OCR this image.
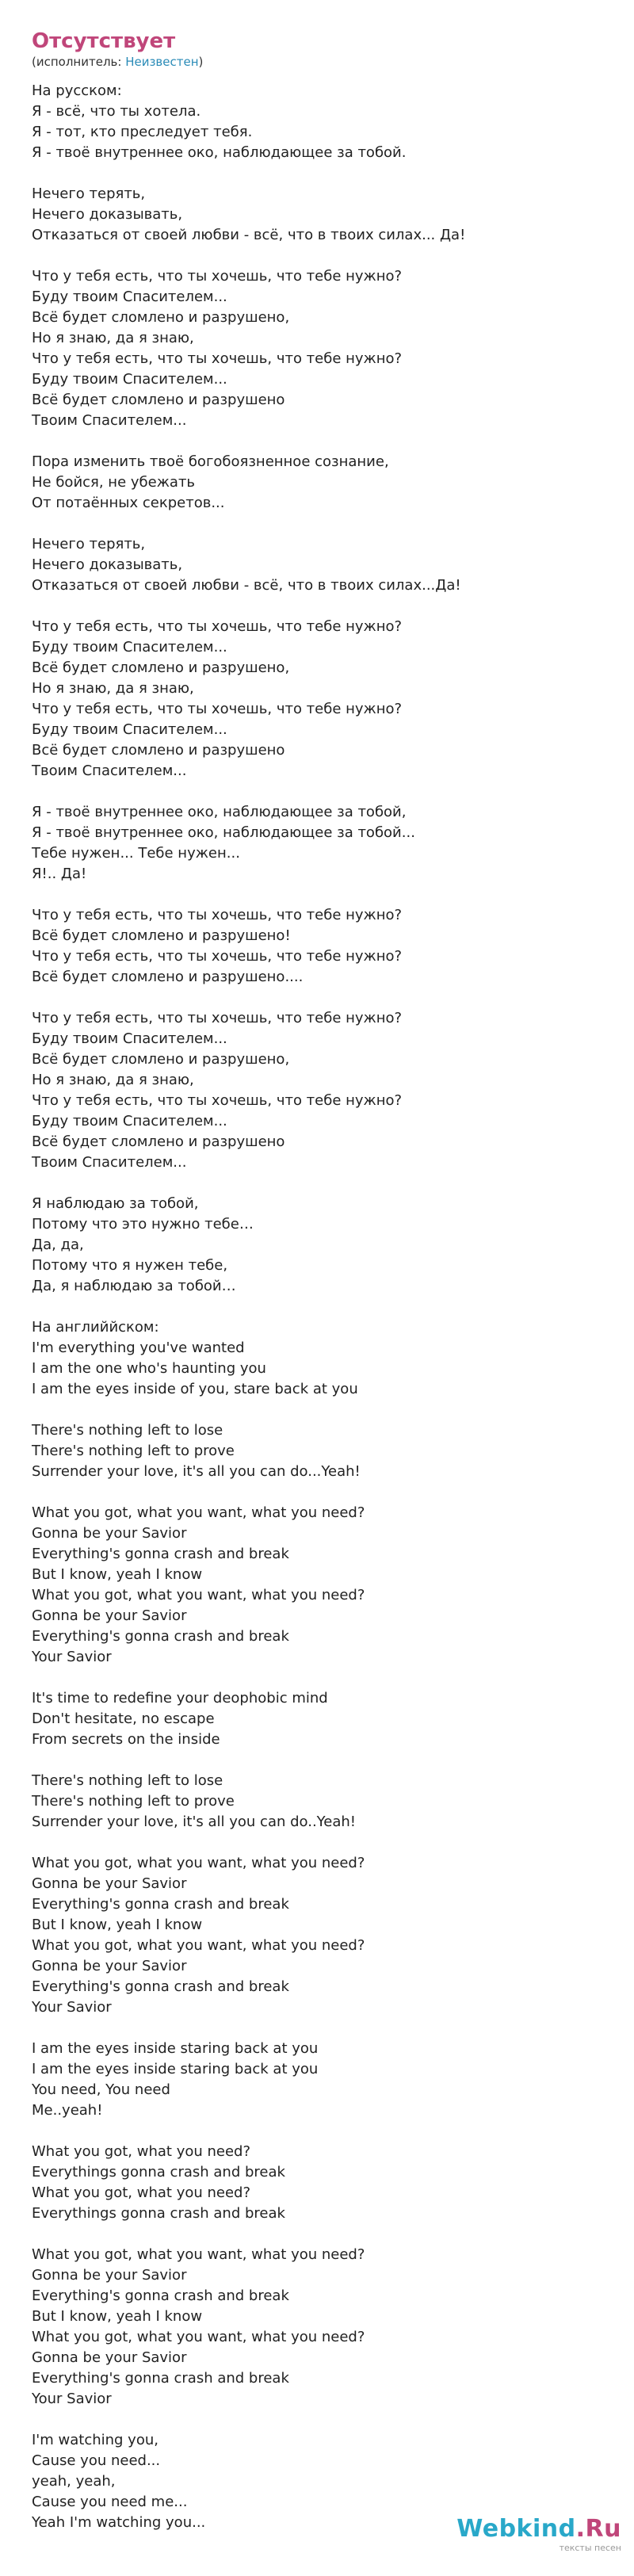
Отсутствует
(исполнитель: Неизвестен)
На русском:
Я - всё, что ты хотела.
Я - тот, кто преследует тебя.
Я - твоё внутреннее око, наблюдающее за тобой.
Нечего терять,
Нечего доказывать,
Отказаться от своей любви - всё, что в твоих силах... Да!
Что у тебя есть, что ты хочешь, что тебе нужно?
Буду твоим Спасителем...
Всё будет сломлено и разрушено,
Но я знаю, да я знаю,
Что у тебя есть, что ты хочешь, что тебе нужно?
Буду твоим Спасителем...
Всё будет сломлено и разрушено
Твоим Спасителем...
Пора изменить твоё богобоязненное сознание,
Не бойся, не убежать
От потаённых секретов...
Нечего терять,
Нечего доказывать,
Отказаться от своей любви - всё, что в твоих силах...Да!
Что у тебя есть, что ты хочешь, что тебе нужно?
Буду твоим Спасителем...
Всё будет сломлено и разрушено,
Но я знаю, да я знаю,
Что у тебя есть, что ты хочешь, что тебе нужно?
Буду твоим Спасителем...
Всё будет сломлено и разрушено
Твоим Спасителем...
Я - твоё внутреннее око, наблюдающее за тобой,
Я - твоё внутреннее око, наблюдающее за тобой...
Тебе нужен... Тебе нужен...
Я!.. Да!
Что у тебя есть, что ты хочешь, что тебе нужно?
Всё будет сломлено и разрушено!
Что у тебя есть, что ты хочешь, что тебе нужно?
Всё будет сломлено и разрушено....
Что у тебя есть, что ты хочешь, что тебе нужно?
Буду твоим Спасителем...
Всё будет сломлено и разрушено,
Но я знаю, да я знаю,
Что у тебя есть, что ты хочешь, что тебе нужно?
Буду твоим Спасителем...
Всё будет сломлено и разрушено
Твоим Спасителем...
Я наблюдаю за тобой,
Потому что это нужно тебе…
Да, да,
Потому что я нужен тебе,
Да, я наблюдаю за тобой…
На английйском:
I'm everything you've wanted
I am the one who's haunting you
I am the eyes inside of you, stare back at you
There's nothing left to lose
There's nothing left to prove
Surrender your love, it's all you can do...Yeah!
What you got, what you want, what you need?
Gonna be your Savior
Everything's gonna crash and break
But I know, yeah I know
What you got, what you want, what you need?
Gonna be your Savior
Everything's gonna crash and break
Your Savior
It's time to redefine your deophobic mind
Don't hesitate, no escape
From secrets on the inside
There's nothing left to lose
There's nothing left to prove
Surrender your love, it's all you can do..Yeah!
What you got, what you want, what you need?
Gonna be your Savior
Everything's gonna crash and break
But I know, yeah I know
What you got, what you want, what you need?
Gonna be your Savior
Everything's gonna crash and break
Your Savior
I am the eyes inside staring back at you
I am the eyes inside staring back at you
You need, You need
Me..yeah!
What you got, what you need?
Everythings gonna crash and break
What you got, what you need?
Everythings gonna crash and break
What you got, what you want, what you need?
Gonna be your Savior
Everything's gonna crash and break
But I know, yeah I know
What you got, what you want, what you need?
Gonna be your Savior
Everything's gonna crash and break
Your Savior
I'm watching you,
Cause you need...
yeah, yeah,
Cause you need me...
Yeah I'm watching you...	Webkind.Ru
тексты песен
